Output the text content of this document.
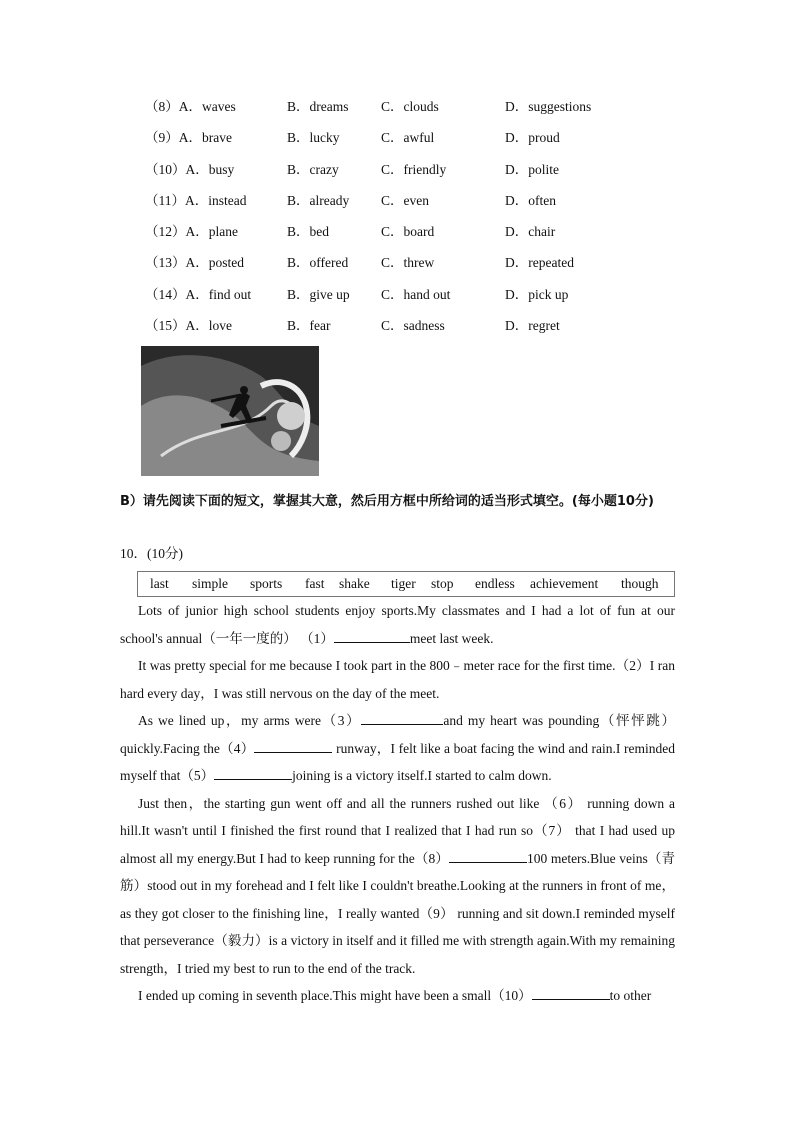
（8）A．waves	B．dreams C．clouds	D．suggestions
（9）A．brave	B．lucky	C．awful	D．proud
（10）A．busy	B．crazy	C．friendly	D．polite
（11）A．instead	B．already C．even	D．often
（12）A．plane	B．bed	C．board	D．chair
（13）A．posted	B．offered C．threw	D．repeated
（14）A．find out	B．give up C．hand out	D．pick up
（15）A．love	B．fear	C．sadness	D．regret
B）请先阅读下面的短文，掌握其大意，然后用方框中所给词的适当形式填空。(每小题10分)
10．(10分)
last simple sports fast shake tiger stop endless achievement though

Lots of junior high school students enjoy sports.My classmates and I had a lot of fun at our school's annual（一年一度的） （1）	meet last week.

It was pretty special for me because I took part in the 800﹣meter race for the first time.（2）I ran hard every day，I was still nervous on the day of the meet.

As we lined up，my arms were（3）	and my heart was pounding（怦怦跳）quickly.Facing the（4）	runway，I felt like a boat facing the wind and rain.I reminded myself that（5）	joining is a victory itself.I started to calm down.

Just then，the starting gun went off and all the runners rushed out like （6） running down a hill.It wasn't until I finished the first round that I realized that I had run so（7） that I had used up almost all my energy.But I had to keep running for the（8）	100 meters.Blue veins（青筋）stood out in my forehead and I felt like I couldn't breathe.Looking at the runners in front of me，as they got closer to the finishing line，I really wanted（9） running and sit down.I reminded myself that perseverance（毅力）is a victory in itself and it filled me with strength again.With my remaining strength，I tried my best to run to the end of the track.

I ended up coming in seventh place.This might have been a small（10）	to other
